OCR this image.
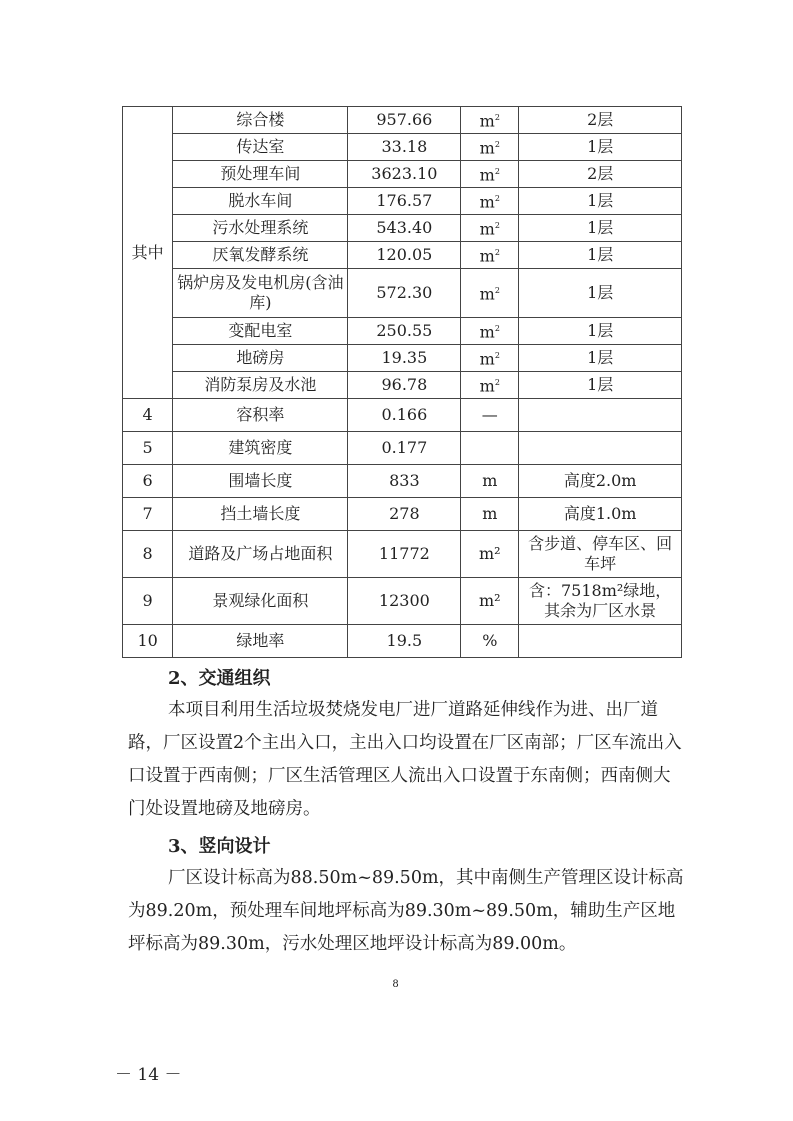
其中	综合楼	957.66	$m^2$	2层
	传达室	33.18	$m^2$	1层
	预处理车间	3623.10	$m^2$	2层
	脱水车间	176.57	$m^2$	1层
	污水处理系统	543.40	$m^2$	1层
	厌氧发酵系统	120.05	$m^2$	1层
	锅炉房及发电机房(含油库)	572.30	$m^2$	1层
	变配电室	250.55	$m^2$	1层
	地磅房	19.35	$m^2$	1层
	消防泵房及水池	96.78	$m^2$	1层
4	容积率	0.166	—	
5	建筑密度	0.177		
6	围墙长度	833	m	高度2.0m
7	挡土墙长度	278	m	高度1.0m
8	道路及广场占地面积	11772	m²	含步道、停车区、回车坪
9	景观绿化面积	12300	m²	含：7518m²绿地，其余为厂区水景
10	绿地率	19.5	%	
2、交通组织
本项目利用生活垃圾焚烧发电厂进厂道路延伸线作为进、出厂道路，厂区设置2个主出入口，主出入口均设置在厂区南部；厂区车流出入口设置于西南侧；厂区生活管理区人流出入口设置于东南侧；西南侧大门处设置地磅及地磅房。
3、竖向设计
厂区设计标高为88.50m~89.50m，其中南侧生产管理区设计标高为89.20m，预处理车间地坪标高为89.30m~89.50m，辅助生产区地坪标高为89.30m，污水处理区地坪设计标高为89.00m。
8
－ 14 －
